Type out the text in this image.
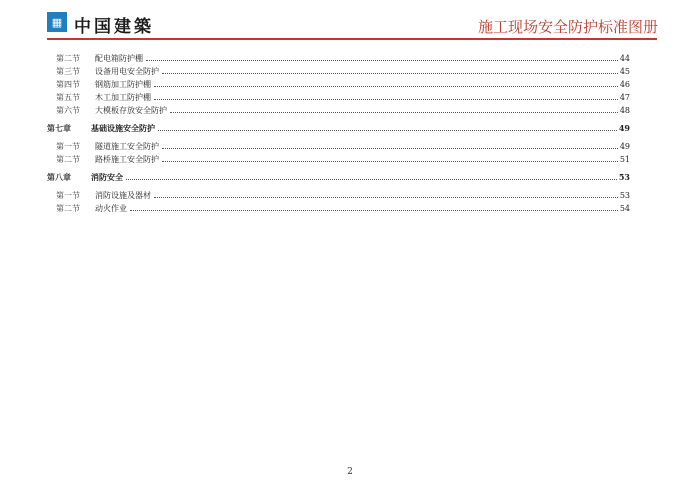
▦ 中国建築	施工现场安全防护标准图册
第二节	配电箱防护棚	44
第三节	设备用电安全防护	45
第四节	钢筋加工防护棚	46
第五节	木工加工防护棚	47
第六节	大模板存放安全防护	48
第七章	基础设施安全防护	49
第一节	隧道施工安全防护	49
第二节	路桥施工安全防护	51
第八章	消防安全	53
第一节	消防设施及器材	53
第二节	动火作业	54
2
